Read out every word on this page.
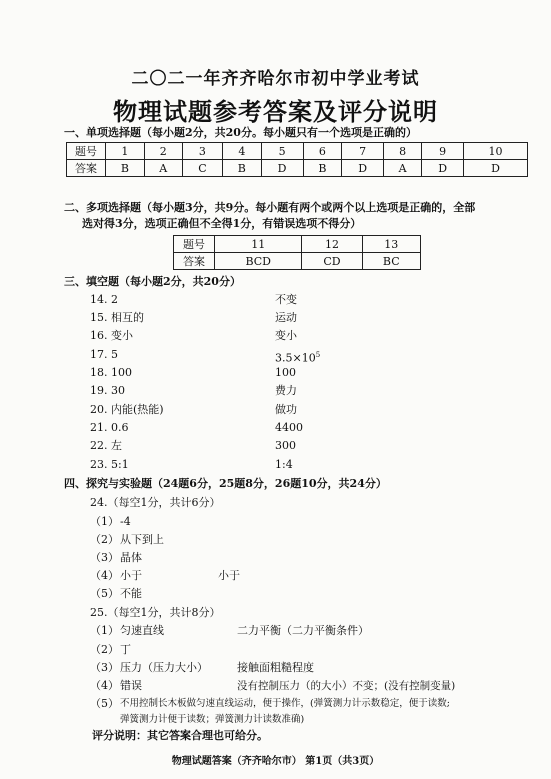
二〇二一年齐齐哈尔市初中学业考试
物理试题参考答案及评分说明
一、单项选择题（每小题2分，共20分。每小题只有一个选项是正确的）
题号	1	2	3	4	5	6	7	8	9	10
答案	B	A	C	B	D	B	D	A	D	D
二、多项选择题（每小题3分，共9分。每小题有两个或两个以上选项是正确的，全部
选对得3分，选项正确但不全得1分，有错误选项不得分）
题号	11	12	13
答案	BCD	CD	BC
三、填空题（每小题2分，共20分）
14. 2	不变
15. 相互的	运动
16. 变小	变小
17. 5	$3.5\times 10^5$
18. 100	100
19. 30	费力
20. 内能(热能)	做功
21. 0.6	4400
22. 左	300
23. 5:1	1:4
四、探究与实验题（24题6分，25题8分，26题10分，共24分）
24.（每空1分，共计6分）
（1） -4
（2） 从下到上
（3） 晶体
（4） 小于	小于
（5） 不能
25.（每空1分，共计8分）
（1） 匀速直线	二力平衡（二力平衡条件）
（2） 丁
（3） 压力（压力大小）	接触面粗糙程度
（4） 错误	没有控制压力（的大小）不变；(没有控制变量)
（5） 不用控制长木板做匀速直线运动，便于操作，(弹簧测力计示数稳定，便于读数;
弹簧测力计便于读数；弹簧测力计读数准确)
评分说明：其它答案合理也可给分。
物理试题答案（齐齐哈尔市） 第1页（共3页）
